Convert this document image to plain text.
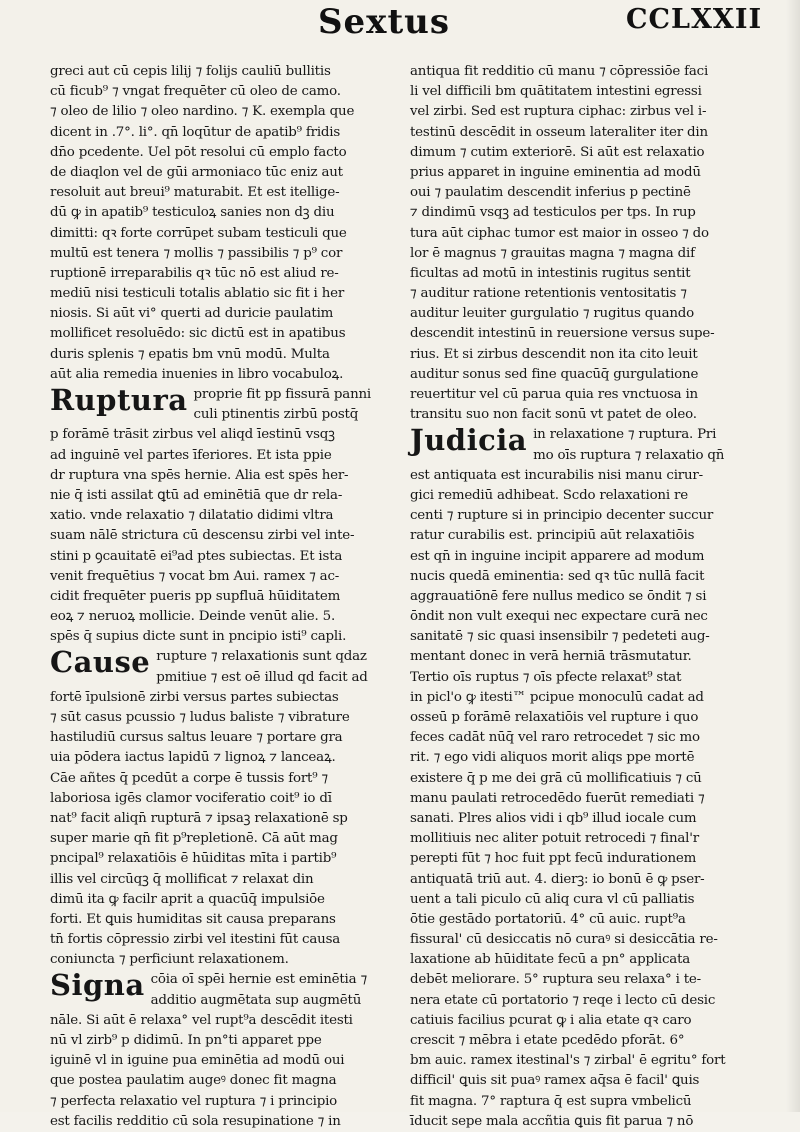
Sextus	CCLXXII
greci aut cū cepis lilij ⁊ folijs cauliū bullitis
cū ficub⁹ ⁊ vngat frequēter cū oleo de camo.
⁊ oleo de lilio ⁊ oleo nardino. ⁊ K. exempla que
dicent in .7°. li°. qn̄ loqūtur de apatib⁹ fridis
dn̄o pcedente. Uel pōt resolui cū emplo facto
de diaqlon vel de gūi armoniaco tūc eniz aut
resoluit aut breui⁹ maturabit. Et est itellige-
dū ꝙ in apatib⁹ testiculoꝝ sanies non dꝫ diu
dimitti: qꝛ forte corrūpet subam testiculi que
multū est tenera ⁊ mollis ⁊ passibilis ⁊ p⁹ cor
ruptionē irreparabilis qꝛ tūc nō est aliud re-
mediū nisi testiculi totalis ablatio sic fit i her
niosis. Si aūt vi° querti ad duricie paulatim
mollificet resoluēdo: sic dictū est in apatibus
duris splenis ⁊ epatis bm vnū modū. Multa
aūt alia remedia inuenies in libro vocabuloꝝ.
Ruptura proprie fit pp fissurā panni
culi ptinentis zirbū postq̄
p forāmē trāsit zirbus vel aliqd īestinū vsqꝫ
ad inguinē vel partes īferiores. Et ista ppie
dr ruptura vna spēs hernie. Alia est spēs her-
nie q̄ isti assilat ꝗtū ad eminētiā que dr rela-
xatio. vnde relaxatio ⁊ dilatatio didimi vltra
suam nālē strictura cū descensu zirbi vel inte-
stini p ꝯcauitatē ei⁹ad ptes subiectas. Et ista
venit frequētius ⁊ vocat bm Aui. ramex ⁊ ac-
cidit frequēter pueris pp supfluā hūiditatem
eoꝝ ⁊ neruoꝝ mollicie. Deinde venūt alie. 5.
spēs q̄ supius dicte sunt in pncipio isti⁹ capli.
Cause rupture ⁊ relaxationis sunt qdaz
pmitiue ⁊ est oē illud qd facit ad
fortē īpulsionē zirbi versus partes subiectas
⁊ sūt casus pcussio ⁊ ludus baliste ⁊ vibrature
hastiludiū cursus saltus leuare ⁊ portare gra
uia pōdera iactus lapidū ⁊ lignoꝝ ⁊ lanceaꝝ.
Cāe añtes q̄ pcedūt a corpe ē tussis fort⁹ ⁊
laboriosa igēs clamor vociferatio coit⁹ io dī
nat⁹ facit aliqn̄ rupturā ⁊ ipsaꝫ relaxationē sp
super marie qn̄ fit p⁹repletionē. Cā aūt mag
pncipal⁹ relaxatiōis ē hūiditas mīta i partib⁹
illis vel circūqꝫ q̄ mollificat ⁊ relaxat din
dimū ita ꝙ facilr aprit a quacūq̄ impulsiōe
forti. Et ꝗuis humiditas sit causa preparans
tn̄ fortis cōpressio zirbi vel itestini fūt causa
coniuncta ⁊ perficiunt relaxationem.
Signa cōia oī spēi hernie est eminētia ⁊
additio augmētata sup augmētū
nāle. Si aūt ē relaxa° vel rupt⁹a descēdit itesti
nū vl zirb⁹ p didimū. In pn°ti apparet ppe
iguinē vl in iguine pua eminētia ad modū oui
que postea paulatim augeꝰ donec fit magna
⁊ perfecta relaxatio vel ruptura ⁊ i principio
est facilis redditio cū sola resupinatione ⁊ in
antiqua fit redditio cū manu ⁊ cōpressiōe faci
li vel difficili bm quātitatem intestini egressi
vel zirbi. Sed est ruptura ciphac: zirbus vel i-
testinū descēdit in osseum lateraliter iter din
dimum ⁊ cutim exteriorē. Si aūt est relaxatio
prius apparet in inguine eminentia ad modū
oui ⁊ paulatim descendit inferius p pectinē
⁊ dindimū vsqꝫ ad testiculos per tps. In rup
tura aūt ciphac tumor est maior in osseo ⁊ do
lor ē magnus ⁊ grauitas magna ⁊ magna dif
ficultas ad motū in intestinis rugitus sentit
⁊ auditur ratione retentionis ventositatis ⁊
auditur leuiter gurgulatio ⁊ rugitus quando
descendit intestinū in reuersione versus supe-
rius. Et si zirbus descendit non ita cito leuit
auditur sonus sed fine quacūq̄ gurgulatione
reuertitur vel cū parua quia res vnctuosa in
transitu suo non facit sonū vt patet de oleo.
Judicia in relaxatione ⁊ ruptura. Pri
mo oīs ruptura ⁊ relaxatio qn̄
est antiquata est incurabilis nisi manu cirur-
gici remediū adhibeat. Scdo relaxationi re
centi ⁊ rupture si in principio decenter succur
ratur curabilis est. principiū aūt relaxatiōis
est qn̄ in inguine incipit apparere ad modum
nucis quedā eminentia: sed qꝛ tūc nullā facit
aggrauatiōnē fere nullus medico se ōndit ⁊ si
ōndit non vult exequi nec expectare curā nec
sanitatē ⁊ sic quasi insensibilr ⁊ pedeteti aug-
mentant donec in verā herniā trāsmutatur.
Tertio oīs ruptus ⁊ oīs pfecte relaxat⁹ stat
in picl'o ꝙ itesti™ pcipue monoculū cadat ad
osseū p forāmē relaxatiōis vel rupture i quo
feces cadāt nūq̄ vel raro retrocedet ⁊ sic mo
rit. ⁊ ego vidi aliquos morit aliqs ppe mortē
existere q̄ p me dei grā cū mollificatiuis ⁊ cū
manu paulati retrocedēdo fuerūt remediati ⁊
sanati. Plres alios vidi i qb⁹ illud iocale cum
mollitiuis nec aliter potuit retrocedi ⁊ final'r
perepti fūt ⁊ hoc fuit ppt fecū indurationem
antiquatā triū aut. 4. dierꝫ: io bonū ē ꝙ pser-
uent a tali piculo cū aliq cura vl cū palliatis
ōtie gestādo portatoriū. 4° cū auic. rupt⁹a
fissural' cū desiccatis nō curaꝰ si desiccātia re-
laxatione ab hūiditate fecū a pn° applicata
debēt meliorare. 5° ruptura seu relaxa° i te-
nera etate cū portatorio ⁊ reqe i lecto cū desic
catiuis facilius pcurat ꝙ i alia etate qꝛ caro
crescit ⁊ mēbra i etate pcedēdo pforāt. 6°
bm auic. ramex itestinal's ⁊ zirbal' ē egritu° fort
difficil' ꝗuis sit puaꝰ ramex aq̄sa ē facil' ꝗuis
fit magna. 7° raptura q̄ est supra vmbelicū
īducit sepe mala accñtia ꝗuis fit parua ⁊ nō
